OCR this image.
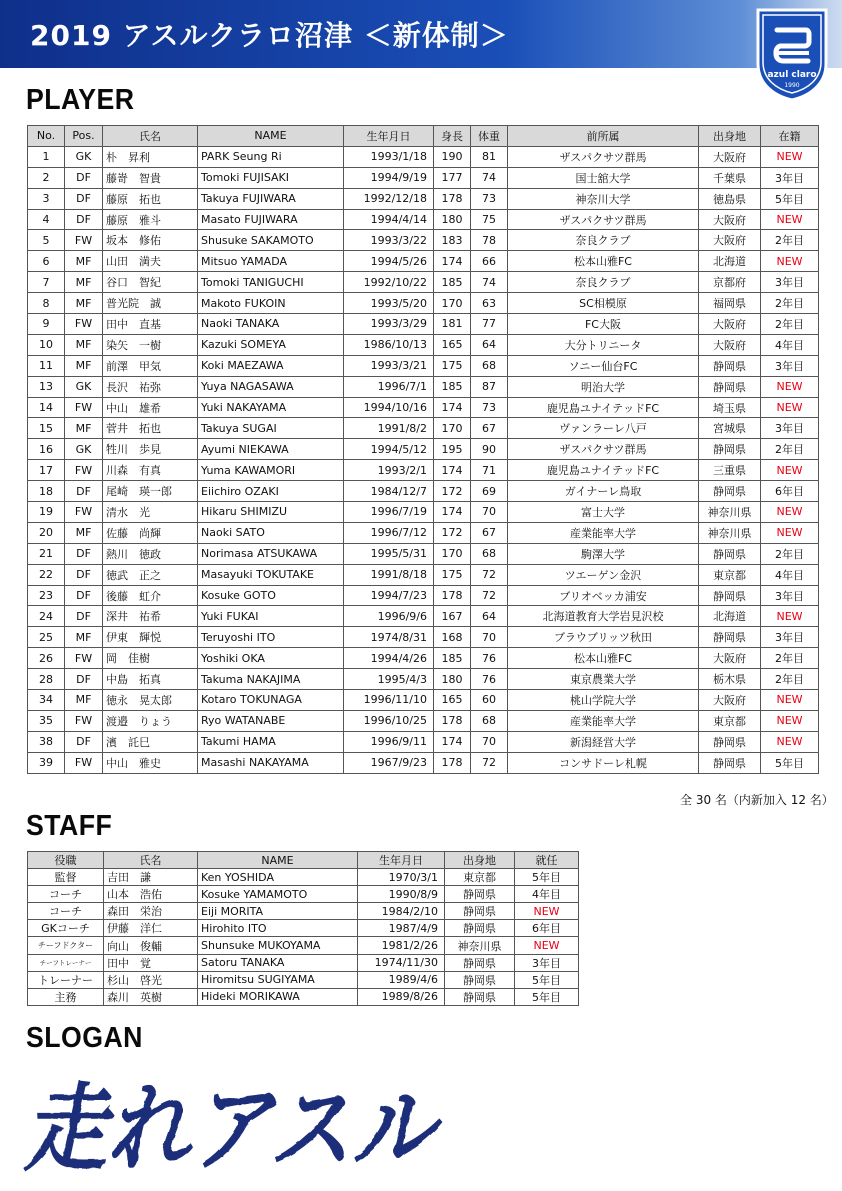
2019 アスルクラロ沼津 ＜新体制＞
azul claro
1990
PLAYER
No.	Pos.	氏名	NAME	生年月日	身長	体重	前所属	出身地	在籍
1	GK	朴　昇利	PARK Seung Ri	1993/1/18	190	81	ザスパクサツ群馬	大阪府	NEW
2	DF	藤嵜　智貴	Tomoki FUJISAKI	1994/9/19	177	74	国士舘大学	千葉県	3年目
3	DF	藤原　拓也	Takuya FUJIWARA	1992/12/18	178	73	神奈川大学	徳島県	5年目
4	DF	藤原　雅斗	Masato FUJIWARA	1994/4/14	180	75	ザスパクサツ群馬	大阪府	NEW
5	FW	坂本　修佑	Shusuke SAKAMOTO	1993/3/22	183	78	奈良クラブ	大阪府	2年目
6	MF	山田　満夫	Mitsuo YAMADA	1994/5/26	174	66	松本山雅FC	北海道	NEW
7	MF	谷口　智紀	Tomoki TANIGUCHI	1992/10/22	185	74	奈良クラブ	京都府	3年目
8	MF	普光院　誠	Makoto FUKOIN	1993/5/20	170	63	SC相模原	福岡県	2年目
9	FW	田中　直基	Naoki TANAKA	1993/3/29	181	77	FC大阪	大阪府	2年目
10	MF	染矢　一樹	Kazuki SOMEYA	1986/10/13	165	64	大分トリニータ	大阪府	4年目
11	MF	前澤　甲気	Koki MAEZAWA	1993/3/21	175	68	ソニー仙台FC	静岡県	3年目
13	GK	長沢　祐弥	Yuya NAGASAWA	1996/7/1	185	87	明治大学	静岡県	NEW
14	FW	中山　雄希	Yuki NAKAYAMA	1994/10/16	174	73	鹿児島ユナイテッドFC	埼玉県	NEW
15	MF	菅井　拓也	Takuya SUGAI	1991/8/2	170	67	ヴァンラーレ八戸	宮城県	3年目
16	GK	牲川　歩見	Ayumi NIEKAWA	1994/5/12	195	90	ザスパクサツ群馬	静岡県	2年目
17	FW	川森　有真	Yuma KAWAMORI	1993/2/1	174	71	鹿児島ユナイテッドFC	三重県	NEW
18	DF	尾崎　瑛一郎	Eiichiro OZAKI	1984/12/7	172	69	ガイナーレ鳥取	静岡県	6年目
19	FW	清水　光	Hikaru SHIMIZU	1996/7/19	174	70	富士大学	神奈川県	NEW
20	MF	佐藤　尚輝	Naoki SATO	1996/7/12	172	67	産業能率大学	神奈川県	NEW
21	DF	熱川　徳政	Norimasa ATSUKAWA	1995/5/31	170	68	駒澤大学	静岡県	2年目
22	DF	徳武　正之	Masayuki TOKUTAKE	1991/8/18	175	72	ツエーゲン金沢	東京都	4年目
23	DF	後藤　虹介	Kosuke GOTO	1994/7/23	178	72	ブリオベッカ浦安	静岡県	3年目
24	DF	深井　祐希	Yuki FUKAI	1996/9/6	167	64	北海道教育大学岩見沢校	北海道	NEW
25	MF	伊東　輝悦	Teruyoshi ITO	1974/8/31	168	70	ブラウブリッツ秋田	静岡県	3年目
26	FW	岡　佳樹	Yoshiki OKA	1994/4/26	185	76	松本山雅FC	大阪府	2年目
28	DF	中島　拓真	Takuma NAKAJIMA	1995/4/3	180	76	東京農業大学	栃木県	2年目
34	MF	徳永　晃太郎	Kotaro TOKUNAGA	1996/11/10	165	60	桃山学院大学	大阪府	NEW
35	FW	渡邉　りょう	Ryo WATANABE	1996/10/25	178	68	産業能率大学	東京都	NEW
38	DF	濱　託巳	Takumi HAMA	1996/9/11	174	70	新潟経営大学	静岡県	NEW
39	FW	中山　雅史	Masashi NAKAYAMA	1967/9/23	178	72	コンサドーレ札幌	静岡県	5年目
全 30 名（内新加入 12 名）
STAFF
役職	氏名	NAME	生年月日	出身地	就任
監督	吉田　謙	Ken YOSHIDA	1970/3/1	東京都	5年目
コーチ	山本　浩佑	Kosuke YAMAMOTO	1990/8/9	静岡県	4年目
コーチ	森田　栄治	Eiji MORITA	1984/2/10	静岡県	NEW
GKコーチ	伊藤　洋仁	Hirohito ITO	1987/4/9	静岡県	6年目
チーフドクター	向山　俊輔	Shunsuke MUKOYAMA	1981/2/26	神奈川県	NEW
チーフトレーナー	田中　覚	Satoru TANAKA	1974/11/30	静岡県	3年目
トレーナー	杉山　啓光	Hiromitsu SUGIYAMA	1989/4/6	静岡県	5年目
主務	森川　英樹	Hideki MORIKAWA	1989/8/26	静岡県	5年目
SLOGAN
走れアスル
